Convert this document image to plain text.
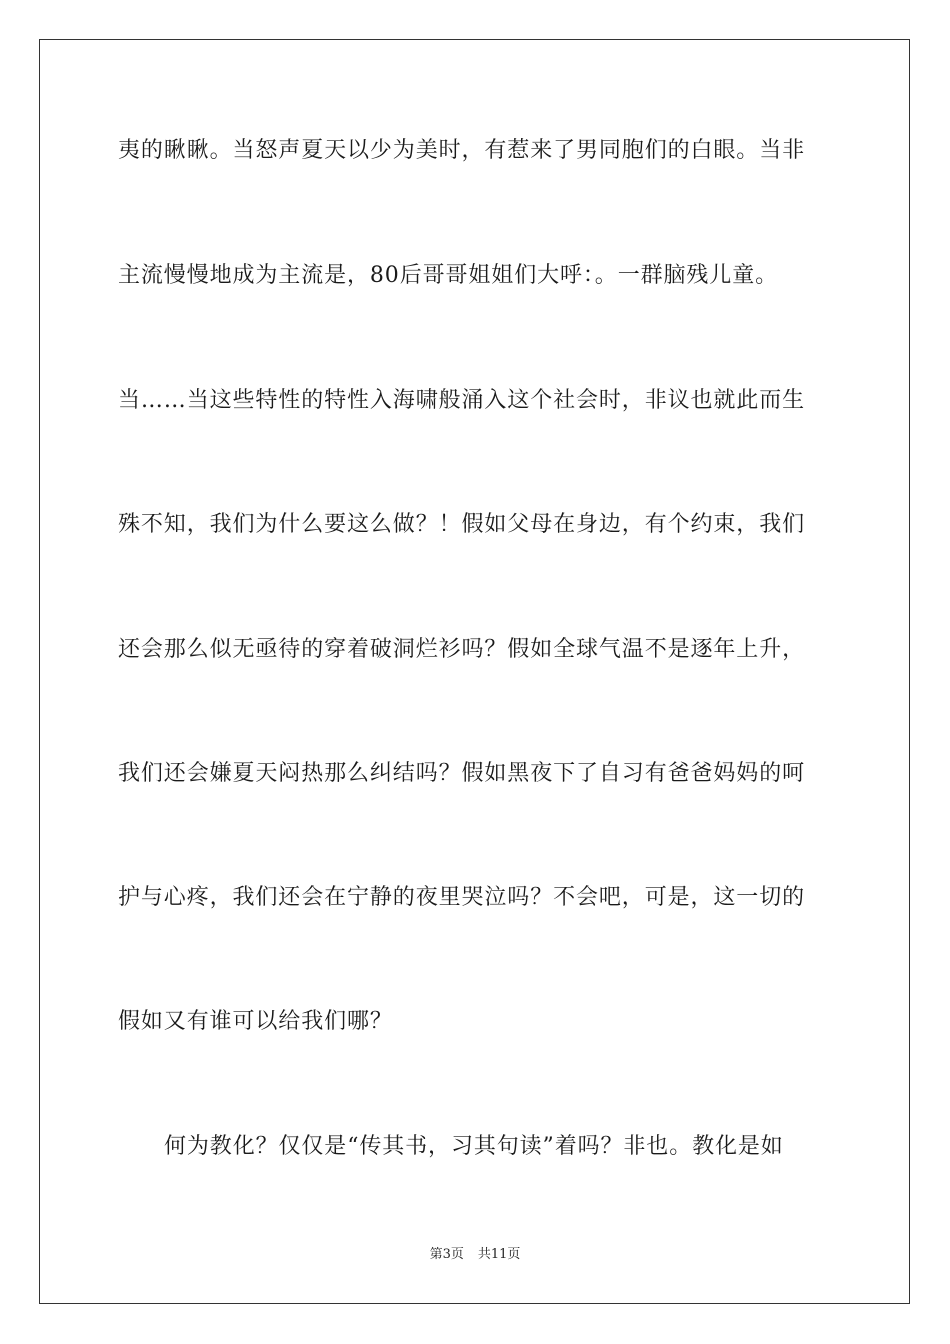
夷的瞅瞅。当怒声夏天以少为美时，有惹来了男同胞们的白眼。当非
主流慢慢地成为主流是，80后哥哥姐姐们大呼：。一群脑残儿童。
当……当这些特性的特性入海啸般涌入这个社会时，非议也就此而生
殊不知，我们为什么要这么做？！假如父母在身边，有个约束，我们
还会那么似无亟待的穿着破洞烂衫吗？假如全球气温不是逐年上升，
我们还会嫌夏天闷热那么纠结吗？假如黑夜下了自习有爸爸妈妈的呵
护与心疼，我们还会在宁静的夜里哭泣吗？不会吧，可是，这一切的
假如又有谁可以给我们哪？
何为教化？仅仅是“传其书，习其句读”着吗？非也。教化是如
第3页 共11页
